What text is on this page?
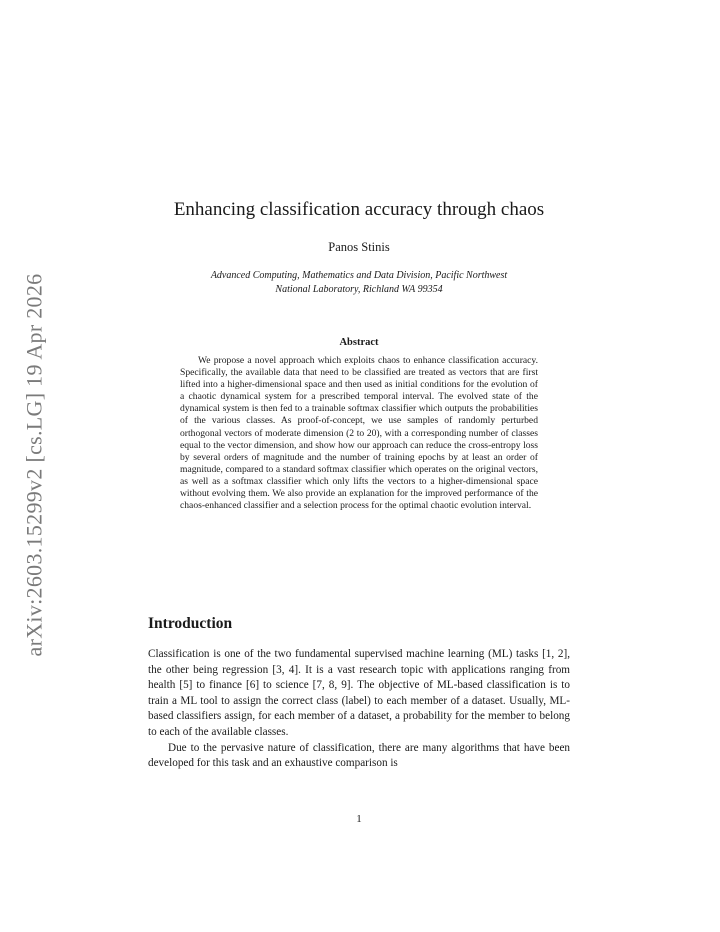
arXiv:2603.15299v2 [cs.LG] 19 Apr 2026
Enhancing classification accuracy through chaos
Panos Stinis
Advanced Computing, Mathematics and Data Division, Pacific Northwest
National Laboratory, Richland WA 99354
Abstract

We propose a novel approach which exploits chaos to enhance classification accuracy. Specifically, the available data that need to be classified are treated as vectors that are first lifted into a higher-dimensional space and then used as initial conditions for the evolution of a chaotic dynamical system for a prescribed temporal interval. The evolved state of the dynamical system is then fed to a trainable softmax classifier which outputs the probabilities of the various classes. As proof-of-concept, we use samples of randomly perturbed orthogonal vectors of moderate dimension (2 to 20), with a corresponding number of classes equal to the vector dimension, and show how our approach can reduce the cross-entropy loss by several orders of magnitude and the number of training epochs by at least an order of magnitude, compared to a standard softmax classifier which operates on the original vectors, as well as a softmax classifier which only lifts the vectors to a higher-dimensional space without evolving them. We also provide an explanation for the improved performance of the chaos-enhanced classifier and a selection process for the optimal chaotic evolution interval.

Introduction

Classification is one of the two fundamental supervised machine learning (ML) tasks [1, 2], the other being regression [3, 4]. It is a vast research topic with applications ranging from health [5] to finance [6] to science [7, 8, 9]. The objective of ML-based classification is to train a ML tool to assign the correct class (label) to each member of a dataset. Usually, ML-based classifiers assign, for each member of a dataset, a probability for the member to belong to each of the available classes.

Due to the pervasive nature of classification, there are many algorithms that have been developed for this task and an exhaustive comparison is

1
